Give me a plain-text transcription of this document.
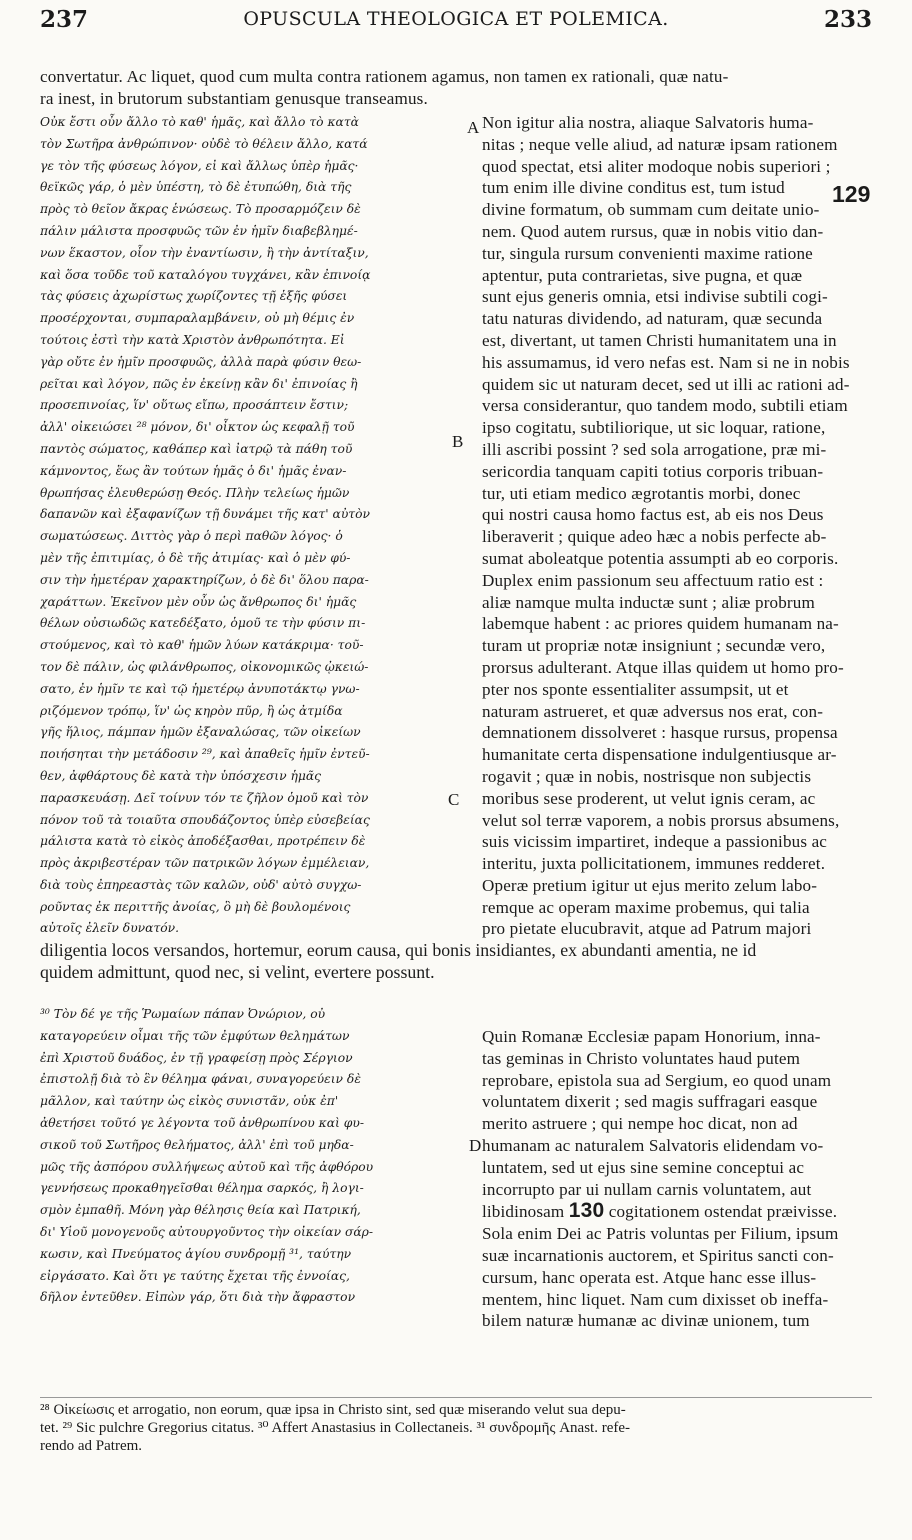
237	OPUSCULA THEOLOGICA ET POLEMICA.	233
convertatur. Ac liquet, quod cum multa contra rationem agamus, non tamen ex rationali, quæ natu-
ra inest, in brutorum substantiam genusque transeamus.
Οὐκ ἔστι οὖν ἄλλο τὸ καθ' ἡμᾶς, καὶ ἄλλο τὸ κατὰ
τὸν Σωτῆρα ἀνθρώπινον· οὐδὲ τὸ θέλειν ἄλλο, κατά
γε τὸν τῆς φύσεως λόγον, εἰ καὶ ἄλλως ὑπὲρ ἡμᾶς·
θεϊκῶς γάρ, ὁ μὲν ὑπέστη, τὸ δὲ ἐτυπώθη, διὰ τῆς
πρὸς τὸ θεῖον ἄκρας ἑνώσεως. Τὸ προσαρμόζειν δὲ
πάλιν μάλιστα προσφυῶς τῶν ἐν ἡμῖν διαβεβλημέ-
νων ἕκαστον, οἷον τὴν ἐναντίωσιν, ἢ τὴν ἀντίταξιν,
καὶ ὅσα τοῦδε τοῦ καταλόγου τυγχάνει, κἂν ἐπινοίᾳ
τὰς φύσεις ἀχωρίστως χωρίζοντες τῇ ἑξῆς φύσει
προσέρχονται, συμπαραλαμβάνειν, οὐ μὴ θέμις ἐν
τούτοις ἐστὶ τὴν κατὰ Χριστὸν ἀνθρωπότητα. Εἰ
γὰρ οὔτε ἐν ἡμῖν προσφυῶς, ἀλλὰ παρὰ φύσιν θεω-
ρεῖται καὶ λόγον, πῶς ἐν ἐκείνῃ κἂν δι' ἐπινοίας ἢ
προσεπινοίας, ἵν' οὕτως εἴπω, προσάπτειν ἔστιν;
ἀλλ' οἰκειώσει ²⁸ μόνον, δι' οἶκτον ὡς κεφαλῇ τοῦ
παντὸς σώματος, καθάπερ καὶ ἰατρῷ τὰ πάθη τοῦ
κάμνοντος, ἕως ἂν τούτων ἡμᾶς ὁ δι' ἡμᾶς ἐναν-
θρωπήσας ἐλευθερώσῃ Θεός. Πλὴν τελείως ἡμῶν
δαπανῶν καὶ ἐξαφανίζων τῇ δυνάμει τῆς κατ' αὐτὸν
σωματώσεως. Διττὸς γὰρ ὁ περὶ παθῶν λόγος· ὁ
μὲν τῆς ἐπιτιμίας, ὁ δὲ τῆς ἀτιμίας· καὶ ὁ μὲν φύ-
σιν τὴν ἡμετέραν χαρακτηρίζων, ὁ δὲ δι' ὅλου παρα-
χαράττων. Ἐκεῖνον μὲν οὖν ὡς ἄνθρωπος δι' ἡμᾶς
θέλων οὐσιωδῶς κατεδέξατο, ὁμοῦ τε τὴν φύσιν πι-
στούμενος, καὶ τὸ καθ' ἡμῶν λύων κατάκριμα· τοῦ-
τον δὲ πάλιν, ὡς φιλάνθρωπος, οἰκονομικῶς ᾠκειώ-
σατο, ἐν ἡμῖν τε καὶ τῷ ἡμετέρῳ ἀνυποτάκτῳ γνω-
ριζόμενον τρόπῳ, ἵν' ὡς κηρὸν πῦρ, ἢ ὡς ἀτμίδα
γῆς ἥλιος, πάμπαν ἡμῶν ἐξαναλώσας, τῶν οἰκείων
ποιήσηται τὴν μετάδοσιν ²⁹, καὶ ἀπαθεῖς ἡμῖν ἐντεῦ-
θεν, ἀφθάρτους δὲ κατὰ τὴν ὑπόσχεσιν ἡμᾶς
παρασκευάσῃ. Δεῖ τοίνυν τόν τε ζῆλον ὁμοῦ καὶ τὸν
πόνον τοῦ τὰ τοιαῦτα σπουδάζοντος ὑπὲρ εὐσεβείας
μάλιστα κατὰ τὸ εἰκὸς ἀποδέξασθαι, προτρέπειν δὲ
πρὸς ἀκριβεστέραν τῶν πατρικῶν λόγων ἐμμέλειαν,
διὰ τοὺς ἐπηρεαστὰς τῶν καλῶν, οὐδ' αὐτὸ συγχω-
ροῦντας ἐκ περιττῆς ἀνοίας, ὃ μὴ δὲ βουλομένοις
αὐτοῖς ἐλεῖν δυνατόν.
Non igitur alia nostra, aliaque Salvatoris huma-
nitas ; neque velle aliud, ad naturæ ipsam rationem
quod spectat, etsi aliter modoque nobis superiori ;
tum enim ille divine conditus est, tum istud
divine formatum, ob summam cum deitate unio-
nem. Quod autem rursus, quæ in nobis vitio dan-
tur, singula rursum convenienti maxime ratione
aptentur, puta contrarietas, sive pugna, et quæ
sunt ejus generis omnia, etsi indivise subtili cogi-
tatu naturas dividendo, ad naturam, quæ secunda
est, divertant, ut tamen Christi humanitatem una in
his assumamus, id vero nefas est. Nam si ne in nobis
quidem sic ut naturam decet, sed ut illi ac rationi ad-
versa considerantur, quo tandem modo, subtili etiam
ipso cogitatu, subtiliorique, ut sic loquar, ratione,
illi ascribi possint ? sed sola arrogatione, præ mi-
sericordia tanquam capiti totius corporis tribuan-
tur, uti etiam medico ægrotantis morbi, donec
qui nostri causa homo factus est, ab eis nos Deus
liberaverit ; quique adeo hæc a nobis perfecte ab-
sumat aboleatque potentia assumpti ab eo corporis.
Duplex enim passionum seu affectuum ratio est :
aliæ namque multa inductæ sunt ; aliæ probrum
labemque habent : ac priores quidem humanam na-
turam ut propriæ notæ insigniunt ; secundæ vero,
prorsus adulterant. Atque illas quidem ut homo pro-
pter nos sponte essentialiter assumpsit, ut et
naturam astrueret, et quæ adversus nos erat, con-
demnationem dissolveret : hasque rursus, propensa
humanitate certa dispensatione indulgentiusque ar-
rogavit ; quæ in nobis, nostrisque non subjectis
moribus sese proderent, ut velut ignis ceram, ac
velut sol terræ vaporem, a nobis prorsus absumens,
suis vicissim impartiret, indeque a passionibus ac
interitu, juxta pollicitationem, immunes redderet.
Operæ pretium igitur ut ejus merito zelum labo-
remque ac operam maxime probemus, qui talia
pro pietate elucubravit, atque ad Patrum majori
diligentia locos versandos, hortemur, eorum causa, qui bonis insidiantes, ex abundanti amentia, ne id
quidem admittunt, quod nec, si velint, evertere possunt.
³⁰ Τὸν δέ γε τῆς Ῥωμαίων πάπαν Ὀνώριον, οὐ
καταγορεύειν οἶμαι τῆς τῶν ἐμφύτων θελημάτων
ἐπὶ Χριστοῦ δυάδος, ἐν τῇ γραφείσῃ πρὸς Σέργιον
ἐπιστολῇ διὰ τὸ ἓν θέλημα φάναι, συναγορεύειν δὲ
μᾶλλον, καὶ ταύτην ὡς εἰκὸς συνιστᾶν, οὐκ ἐπ'
ἀθετήσει τοῦτό γε λέγοντα τοῦ ἀνθρωπίνου καὶ φυ-
σικοῦ τοῦ Σωτῆρος θελήματος, ἀλλ' ἐπὶ τοῦ μηδα-
μῶς τῆς ἀσπόρου συλλήψεως αὐτοῦ καὶ τῆς ἀφθόρου
γεννήσεως προκαθηγεῖσθαι θέλημα σαρκός, ἢ λογι-
σμὸν ἐμπαθῆ. Μόνη γὰρ θέλησις θεία καὶ Πατρική,
δι' Υἱοῦ μονογενοῦς αὐτουργοῦντος τὴν οἰκείαν σάρ-
κωσιν, καὶ Πνεύματος ἁγίου συνδρομῇ ³¹, ταύτην
εἰργάσατο. Καὶ ὅτι γε ταύτης ἔχεται τῆς ἐννοίας,
δῆλον ἐντεῦθεν. Εἰπὼν γάρ, ὅτι διὰ τὴν ἄφραστον
Quin Romanæ Ecclesiæ papam Honorium, inna-
tas geminas in Christo voluntates haud putem
reprobare, epistola sua ad Sergium, eo quod unam
voluntatem dixerit ; sed magis suffragari easque
merito astruere ; qui nempe hoc dicat, non ad
humanam ac naturalem Salvatoris elidendam vo-
luntatem, sed ut ejus sine semine conceptui ac
incorrupto par ui nullam carnis voluntatem, aut
libidinosam 130 cogitationem ostendat præivisse.
Sola enim Dei ac Patris voluntas per Filium, ipsum
suæ incarnationis auctorem, et Spiritus sancti con-
cursum, hanc operata est. Atque hanc esse illus-
mentem, hinc liquet. Nam cum dixisset ob ineffa-
bilem naturæ humanæ ac divinæ unionem, tum
A
B
C
D
129
²⁸ Οἰκείωσις et arrogatio, non eorum, quæ ipsa in Christo sint, sed quæ miserando velut sua depu-
tet. ²⁹ Sic pulchre Gregorius citatus. ³⁰ Affert Anastasius in Collectaneis. ³¹ συνδρομῆς Anast. refe-
rendo ad Patrem.
